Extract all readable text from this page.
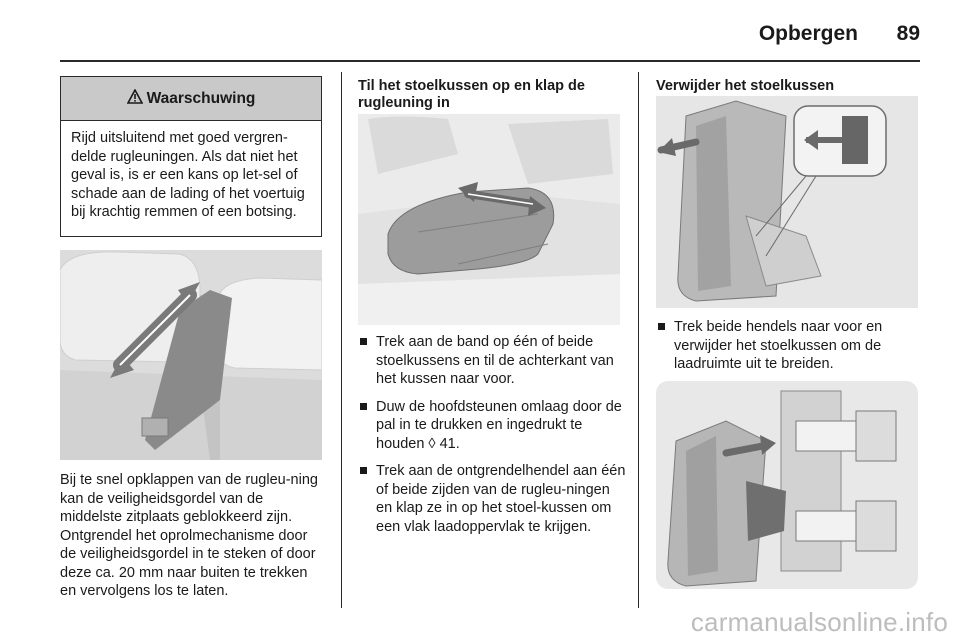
Opbergen 89
Waarschuwing
Rijd uitsluitend met goed vergren-delde rugleuningen. Als dat niet het geval is, is er een kans op let-sel of schade aan de lading of het voertuig bij krachtig remmen of een botsing.
Bij te snel opklappen van de rugleu-ning kan de veiligheidsgordel van de middelste zitplaats geblokkeerd zijn. Ontgrendel het oprolmechanisme door de veiligheidsgordel in te steken of door deze ca. 20 mm naar buiten te trekken en vervolgens los te laten.
Til het stoelkussen op en klap de rugleuning in
Trek aan de band op één of beide stoelkussens en til de achterkant van het kussen naar voor.
Duw de hoofdsteunen omlaag door de pal in te drukken en ingedrukt te houden ◊ 41.
Trek aan de ontgrendelhendel aan één of beide zijden van de rugleu-ningen en klap ze in op het stoel-kussen om een vlak laadoppervlak te krijgen.
Verwijder het stoelkussen
Trek beide hendels naar voor en verwijder het stoelkussen om de laadruimte uit te breiden.
carmanualsonline.info
